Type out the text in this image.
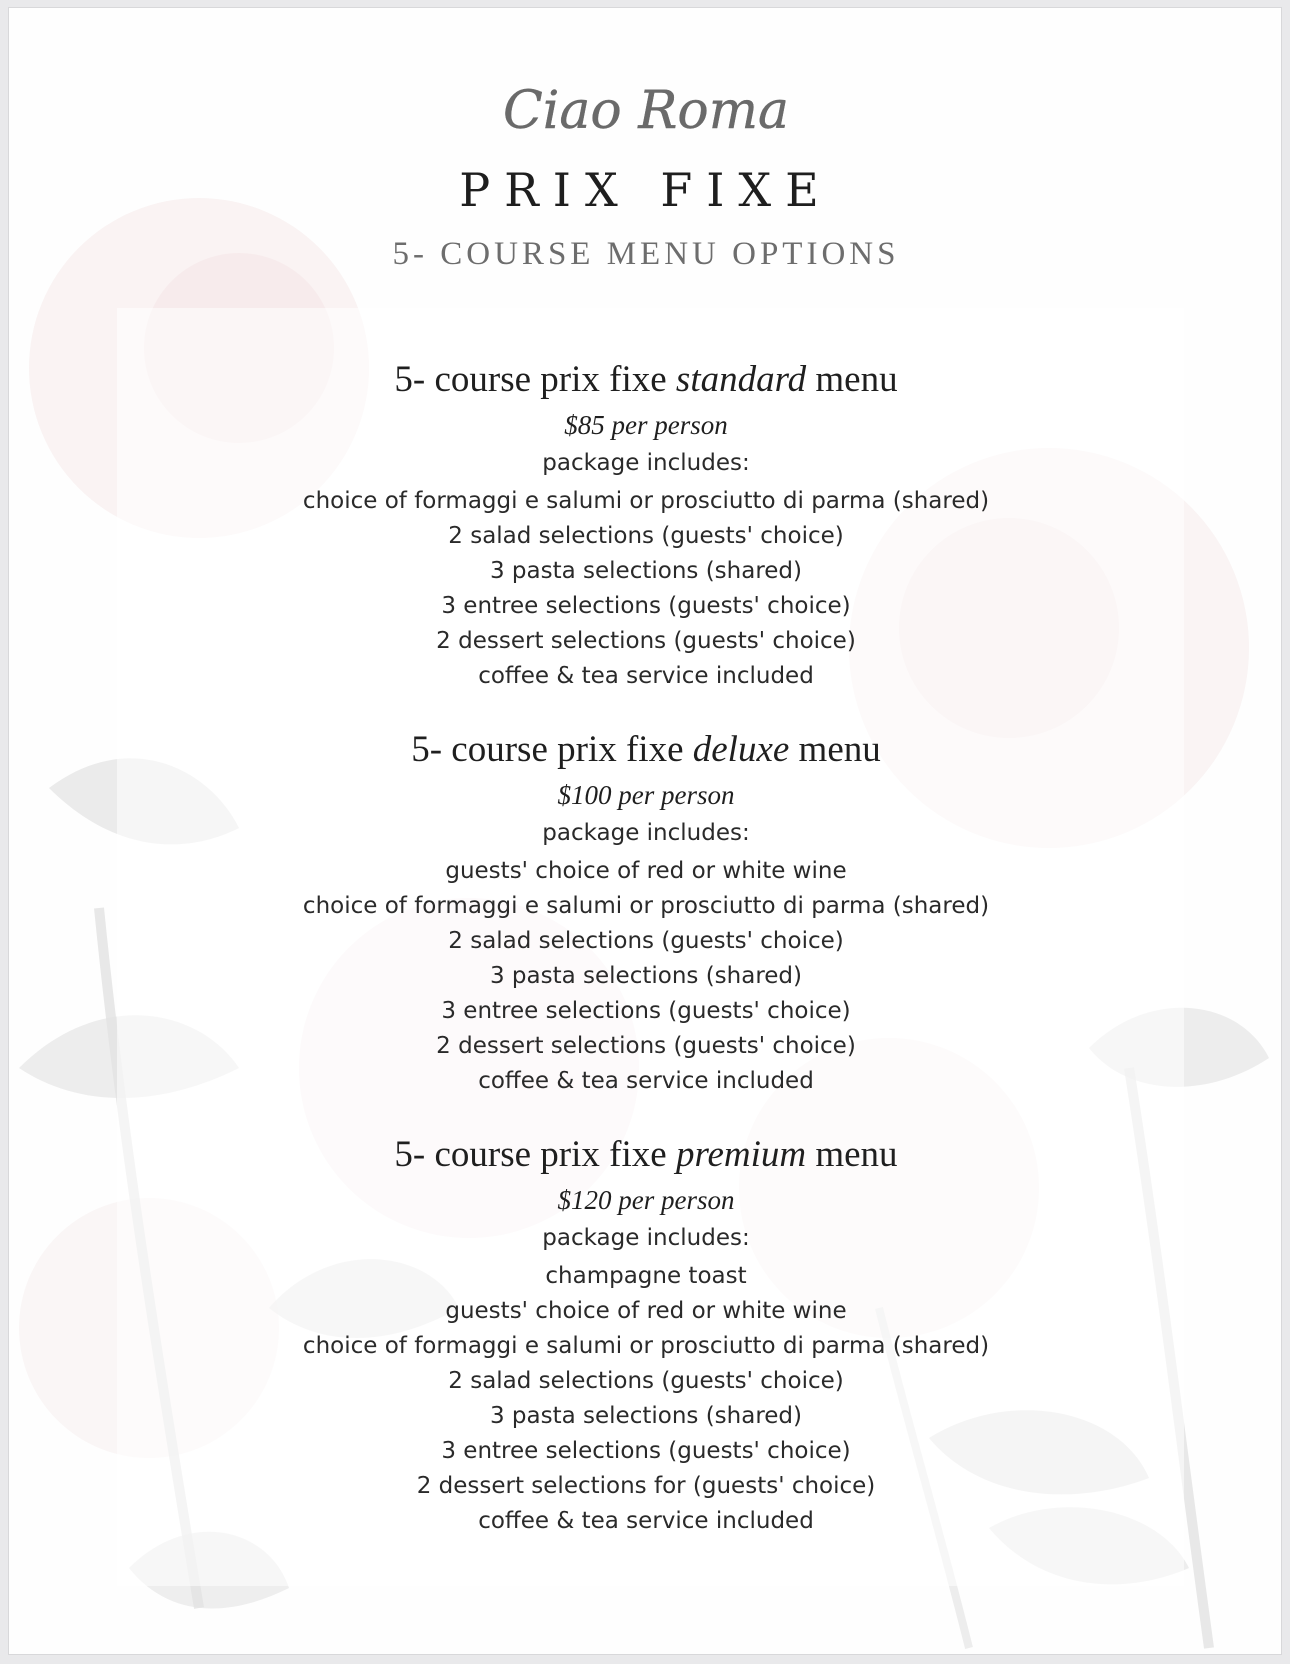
Ciao Roma
PRIX FIXE
5- COURSE MENU OPTIONS
5- course prix fixe standard menu
$85 per person
package includes:
choice of formaggi e salumi or prosciutto di parma (shared)
2 salad selections (guests' choice)
3 pasta selections (shared)
3 entree selections (guests' choice)
2 dessert selections (guests' choice)
coffee & tea service included
5- course prix fixe deluxe menu
$100 per person
package includes:
guests' choice of red or white wine
choice of formaggi e salumi or prosciutto di parma (shared)
2 salad selections (guests' choice)
3 pasta selections (shared)
3 entree selections (guests' choice)
2 dessert selections (guests' choice)
coffee & tea service included
5- course prix fixe premium menu
$120 per person
package includes:
champagne toast
guests' choice of red or white wine
choice of formaggi e salumi or prosciutto di parma (shared)
2 salad selections (guests' choice)
3 pasta selections (shared)
3 entree selections (guests' choice)
2 dessert selections for (guests' choice)
coffee & tea service included
